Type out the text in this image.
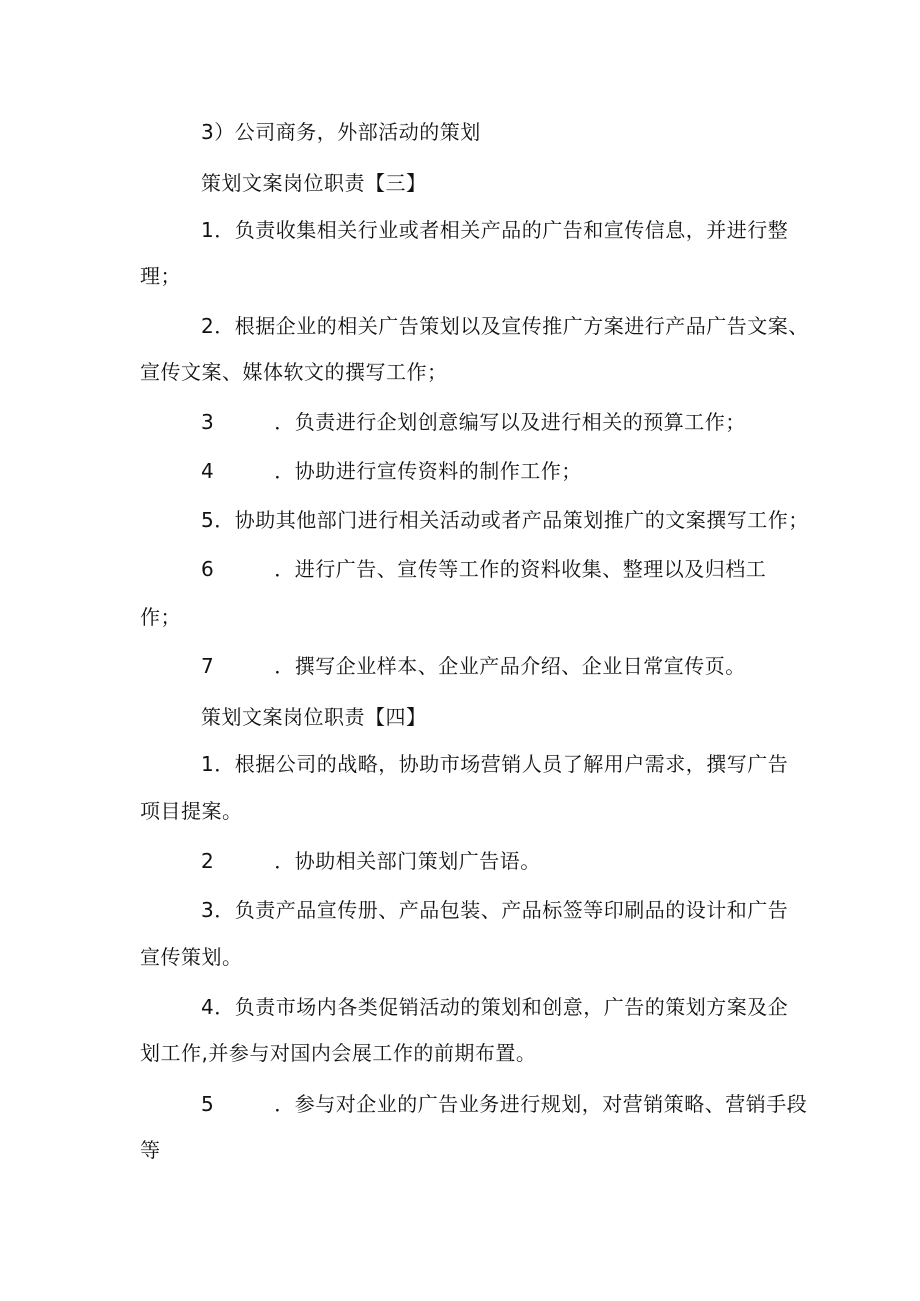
3）公司商务，外部活动的策划
策划文案岗位职责【三】
1．负责收集相关行业或者相关产品的广告和宣传信息，并进行整
理；
2．根据企业的相关广告策划以及宣传推广方案进行产品广告文案、
宣传文案、媒体软文的撰写工作；
3	．负责进行企划创意编写以及进行相关的预算工作；
4	．协助进行宣传资料的制作工作；
5．协助其他部门进行相关活动或者产品策划推广的文案撰写工作；
6	．进行广告、宣传等工作的资料收集、整理以及归档工
作；
7	．撰写企业样本、企业产品介绍、企业日常宣传页。
策划文案岗位职责【四】
1．根据公司的战略，协助市场营销人员了解用户需求，撰写广告
项目提案。
2	．协助相关部门策划广告语。
3．负责产品宣传册、产品包装、产品标签等印刷品的设计和广告
宣传策划。
4．负责市场内各类促销活动的策划和创意，广告的策划方案及企
划工作,并参与对国内会展工作的前期布置。
5	．参与对企业的广告业务进行规划，对营销策略、营销手段
等
